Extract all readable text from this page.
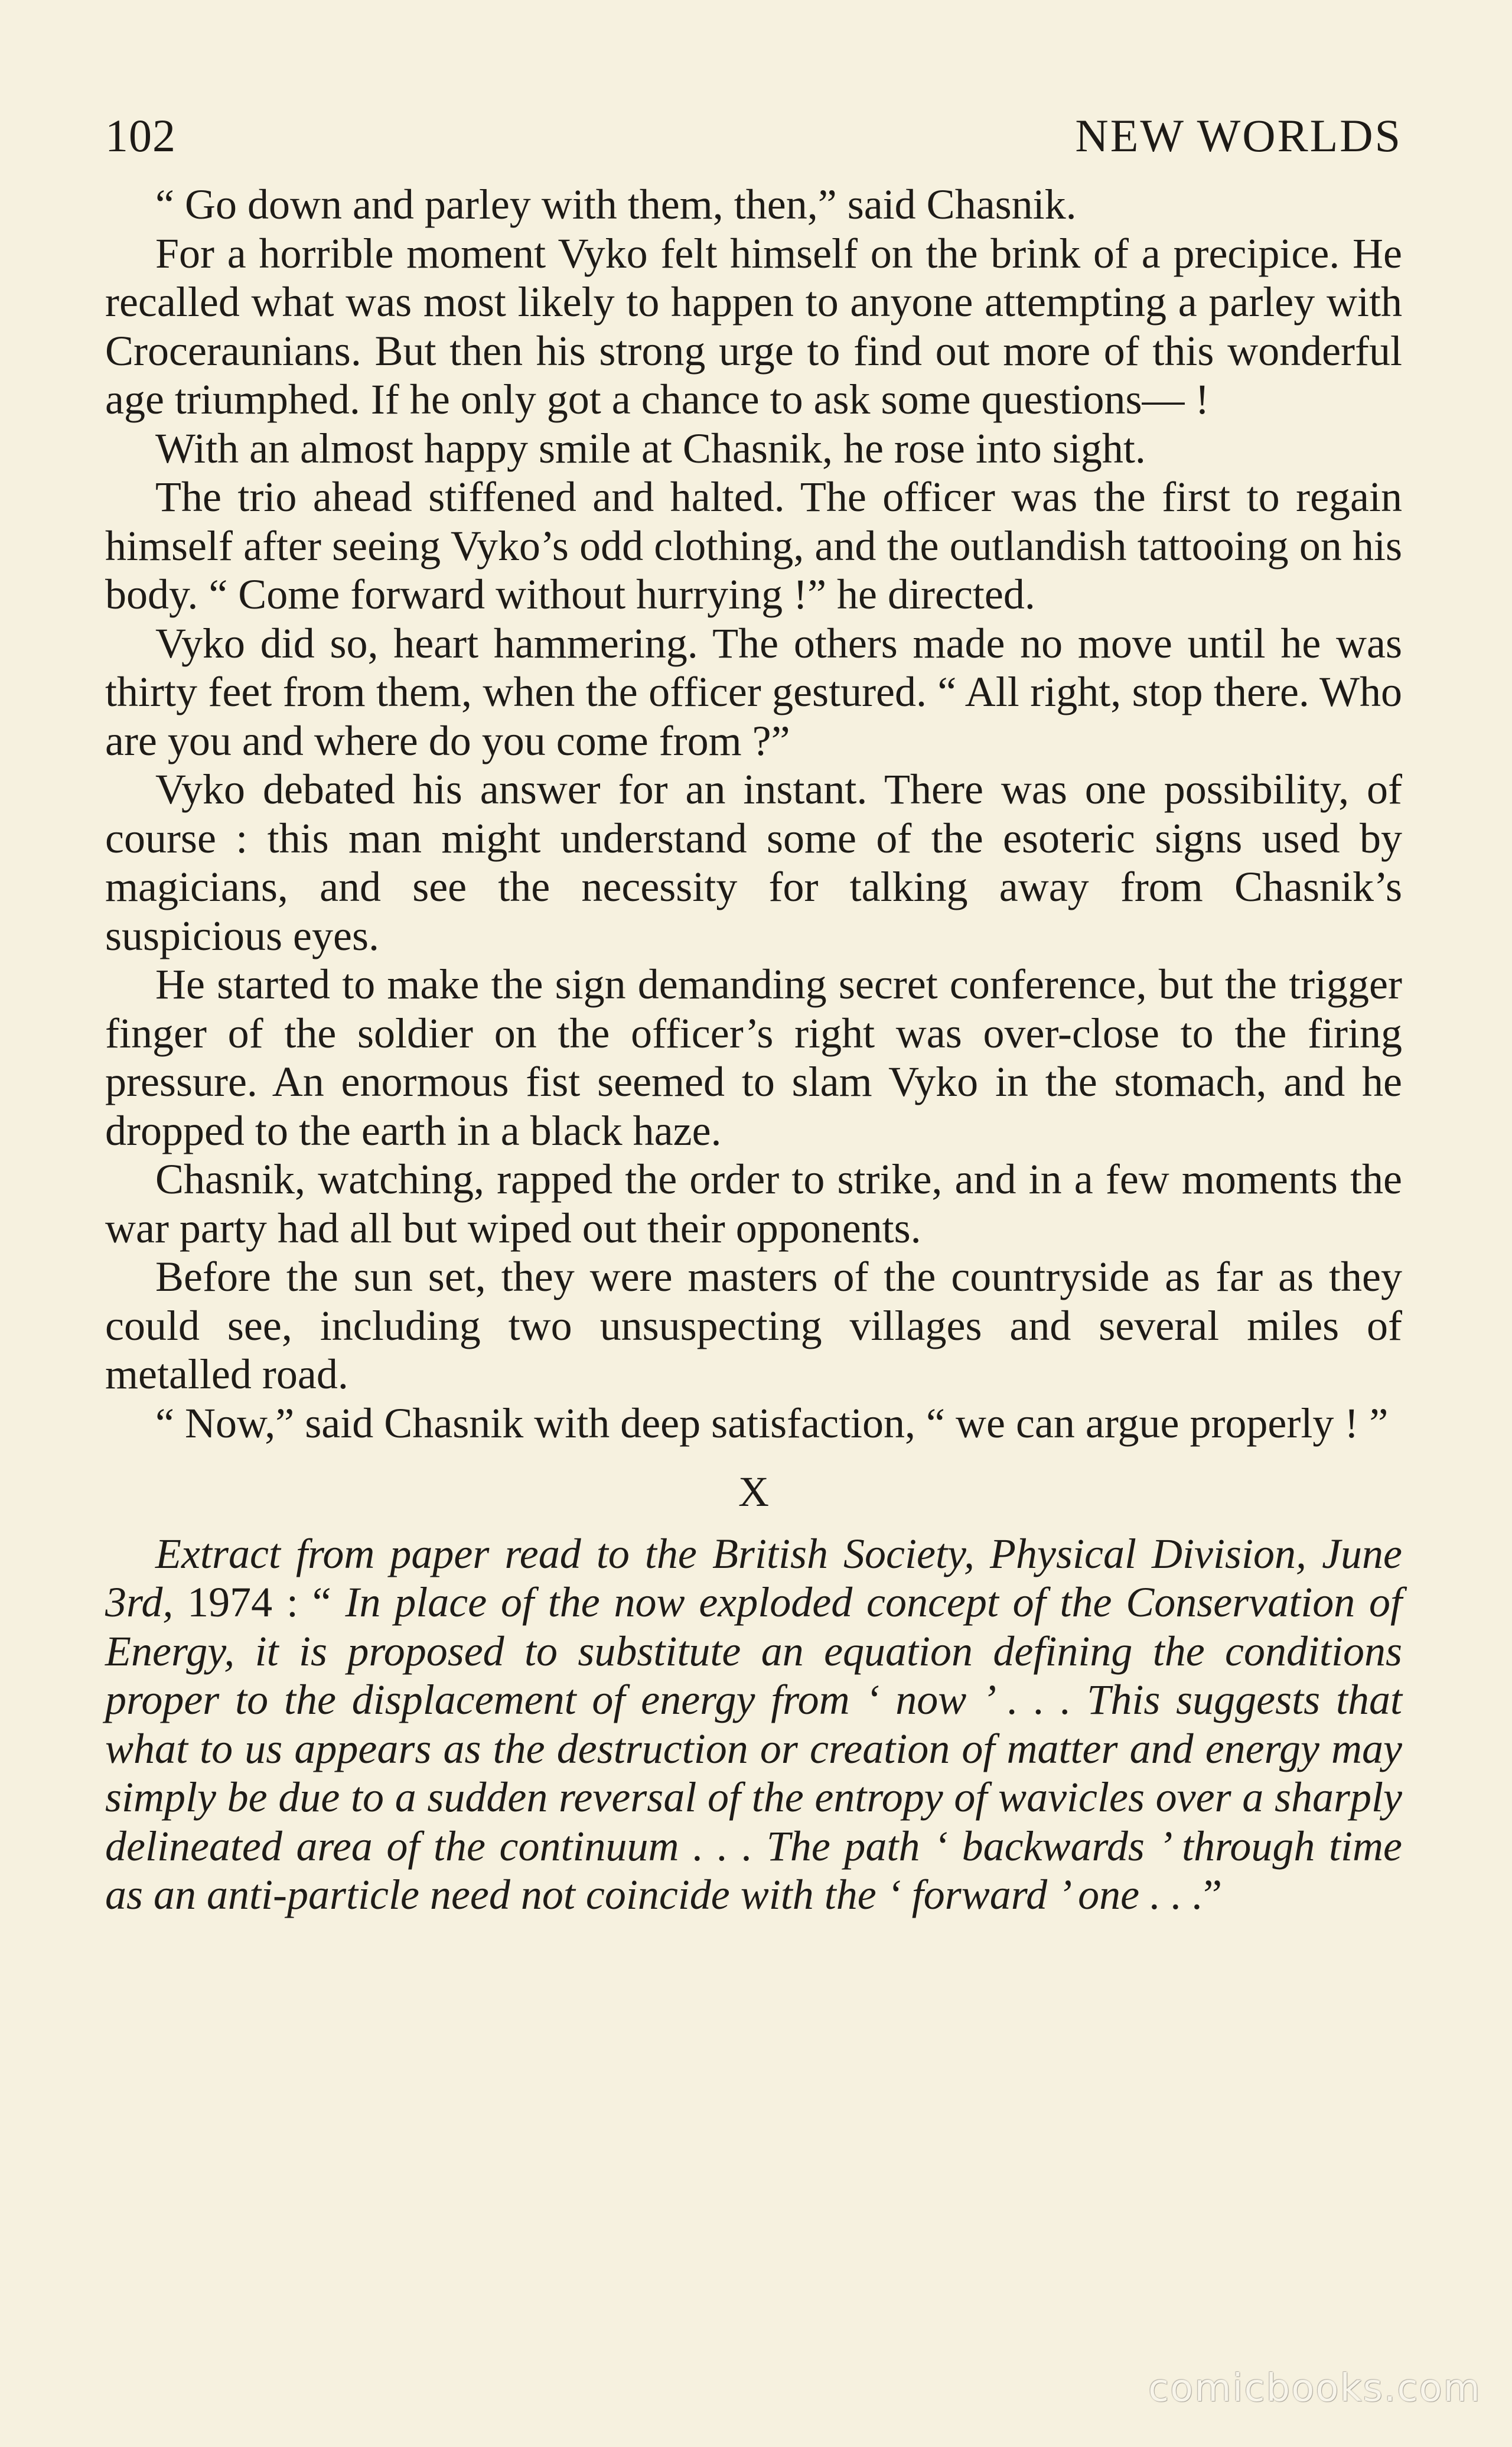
102	NEW WORLDS

“ Go down and parley with them, then,” said Chasnik.

For a horrible moment Vyko felt himself on the brink of a precipice. He recalled what was most likely to happen to anyone attempting a parley with Croceraunians. But then his strong urge to find out more of this wonderful age triumphed. If he only got a chance to ask some questions— !

With an almost happy smile at Chasnik, he rose into sight.

The trio ahead stiffened and halted. The officer was the first to regain himself after seeing Vyko’s odd clothing, and the outlandish tattooing on his body. “ Come forward without hurrying !” he directed.

Vyko did so, heart hammering. The others made no move until he was thirty feet from them, when the officer gestured. “ All right, stop there. Who are you and where do you come from ?”

Vyko debated his answer for an instant. There was one possibility, of course : this man might understand some of the esoteric signs used by magicians, and see the necessity for talking away from Chasnik’s suspicious eyes.

He started to make the sign demanding secret conference, but the trigger finger of the soldier on the officer’s right was over-close to the firing pressure. An enormous fist seemed to slam Vyko in the stomach, and he dropped to the earth in a black haze.

Chasnik, watching, rapped the order to strike, and in a few moments the war party had all but wiped out their opponents.

Before the sun set, they were masters of the countryside as far as they could see, including two unsuspecting villages and several miles of metalled road.

“ Now,” said Chasnik with deep satisfaction, “ we can argue properly ! ”

X

Extract from paper read to the British Society, Physical Division, June 3rd, 1974 : “ In place of the now exploded concept of the Conservation of Energy, it is proposed to substitute an equation defining the conditions proper to the displacement of energy from ‘ now ’ . . . This suggests that what to us appears as the destruction or creation of matter and energy may simply be due to a sudden reversal of the entropy of wavicles over a sharply delineated area of the continuum . . . The path ‘ backwards ’ through time as an anti-particle need not coincide with the ‘ forward ’ one . . .”

comicbooks.com
